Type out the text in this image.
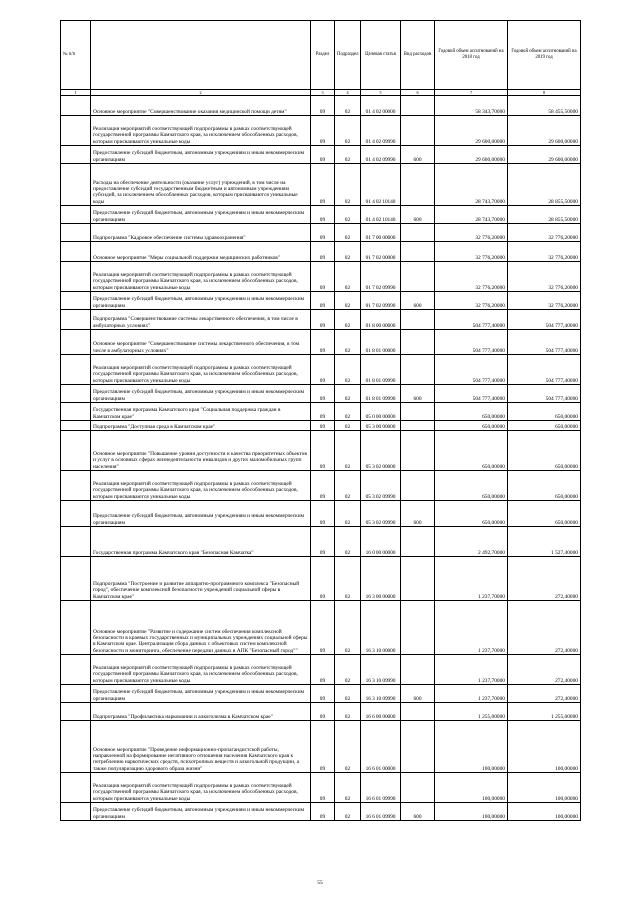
№ п/п		Раздел	Подраздел	Целевая статья	Вид расходов	Годовой объем ассигнований на 2018 год	Годовой объем ассигнований на 2019 год
1	2	3	4	5	6	7	8
	Основное мероприятие "Совершенствование оказания медицинской помощи детям"	09	02	01 4 02 00000		58 343,70000	58 455,50000
	Реализация мероприятий соответствующей подпрограммы в рамках соответствующей государственной программы Камчатского края, за исключением обособленных расходов, которым присваиваются уникальные коды	09	02	01 4 02 09990		29 600,00000	29 600,00000
	Предоставление субсидий бюджетным, автономным учреждениям и иным некоммерческим организациям	09	02	01 4 02 09990	600	29 600,00000	29 600,00000
	Расходы на обеспечение деятельности (оказание услуг) учреждений, в том числе на предоставление субсидий государственным бюджетным и автономным учреждениям субсидий, за исключением обособленных расходов, которым присваиваются уникальные коды	09	02	01 4 02 10140		28 743,70000	28 855,50000
	Предоставление субсидий бюджетным, автономным учреждениям и иным некоммерческим организациям	09	02	01 4 02 10140	600	28 743,70000	28 855,50000
	Подпрограмма "Кадровое обеспечение системы здравоохранения"	09	02	01 7 00 00000		32 776,20000	32 776,20000
	Основное мероприятие "Меры социальной поддержки медицинских работников"	09	02	01 7 02 00000		32 776,20000	32 776,20000
	Реализация мероприятий соответствующей подпрограммы в рамках соответствующей государственной программы Камчатского края, за исключением обособленных расходов, которым присваиваются уникальные коды	09	02	01 7 02 09990		32 776,20000	32 776,20000
	Предоставление субсидий бюджетным, автономным учреждениям и иным некоммерческим организациям	09	02	01 7 02 09990	600	32 776,20000	32 776,20000
	Подпрограмма "Совершенствование системы лекарственного обеспечения, в том числе в амбулаторных условиях"	09	02	01 8 00 00000		504 777,40000	504 777,40000
	Основное мероприятие "Совершенствование системы лекарственного обеспечения, в том числе в амбулаторных условиях"	09	02	01 8 01 00000		504 777,40000	504 777,40000
	Реализация мероприятий соответствующей подпрограммы в рамках соответствующей государственной программы Камчатского края, за исключением обособленных расходов, которым присваиваются уникальные коды	09	02	01 8 01 09990		504 777,40000	504 777,40000
	Предоставление субсидий бюджетным, автономным учреждениям и иным некоммерческим организациям	09	02	01 8 01 09990	600	504 777,40000	504 777,40000
	Государственная программа Камчатского края "Социальная поддержка граждан в Камчатском крае"	09	02	05 0 00 00000		650,00000	650,00000
	Подпрограмма "Доступная среда в Камчатском крае"	09	02	05 3 00 00000		650,00000	650,00000
	Основное мероприятие "Повышение уровня доступности и качества приоритетных объектов и услуг в основных сферах жизнедеятельности инвалидов и других маломобильных групп населения"	09	02	05 3 02 00000		650,00000	650,00000
	Реализация мероприятий соответствующей подпрограммы в рамках соответствующей государственной программы Камчатского края, за исключением обособленных расходов, которым присваиваются уникальные коды	09	02	05 3 02 09990		650,00000	650,00000
	Предоставление субсидий бюджетным, автономным учреждениям и иным некоммерческим организациям	09	02	05 3 02 09990	600	650,00000	650,00000
	Государственная программа Камчатского края "Безопасная Камчатка"	09	02	16 0 00 00000		2 492,70000	1 527,40000
	Подпрограмма "Построение и развитие аппаратно-программного комплекса "Безопасный город", обеспечение комплексной безопасности учреждений социальной сферы в Камчатском крае"	09	02	16 3 00 00000		1 237,70000	272,40000
	Основное мероприятие "Развитие и содержание систем обеспечения комплексной безопасности в краевых государственных и муниципальных учреждениях социальной сферы в Камчатском крае. Централизация сбора данных с объектовых систем комплексной безопасности и мониторинга, обеспечение передачи данных в АПК "Безопасный город""	09	02	16 3 10 00000		1 237,70000	272,40000
	Реализация мероприятий соответствующей подпрограммы в рамках соответствующей государственной программы Камчатского края, за исключением обособленных расходов, которым присваиваются уникальные коды	09	02	16 3 10 09990		1 237,70000	272,40000
	Предоставление субсидий бюджетным, автономным учреждениям и иным некоммерческим организациям	09	02	16 3 10 09990	600	1 237,70000	272,40000
	Подпрограмма "Профилактика наркомании и алкоголизма в Камчатском крае"	09	02	16 6 00 00000		1 255,00000	1 255,00000
	Основное мероприятие "Проведение информационно-пропагандистской работы, направленной на формирование негативного отношения населения Камчатского края к потреблению наркотических средств, психотропных веществ и алкогольной продукции, а также популяризацию здорового образа жизни"	09	02	16 6 01 00000		100,00000	100,00000
	Реализация мероприятий соответствующей подпрограммы в рамках соответствующей государственной программы Камчатского края, за исключением обособленных расходов, которым присваиваются уникальные коды	09	02	16 6 01 09990		100,00000	100,00000
	Предоставление субсидий бюджетным, автономным учреждениям и иным некоммерческим организациям	09	02	16 6 01 09990	600	100,00000	100,00000
55
